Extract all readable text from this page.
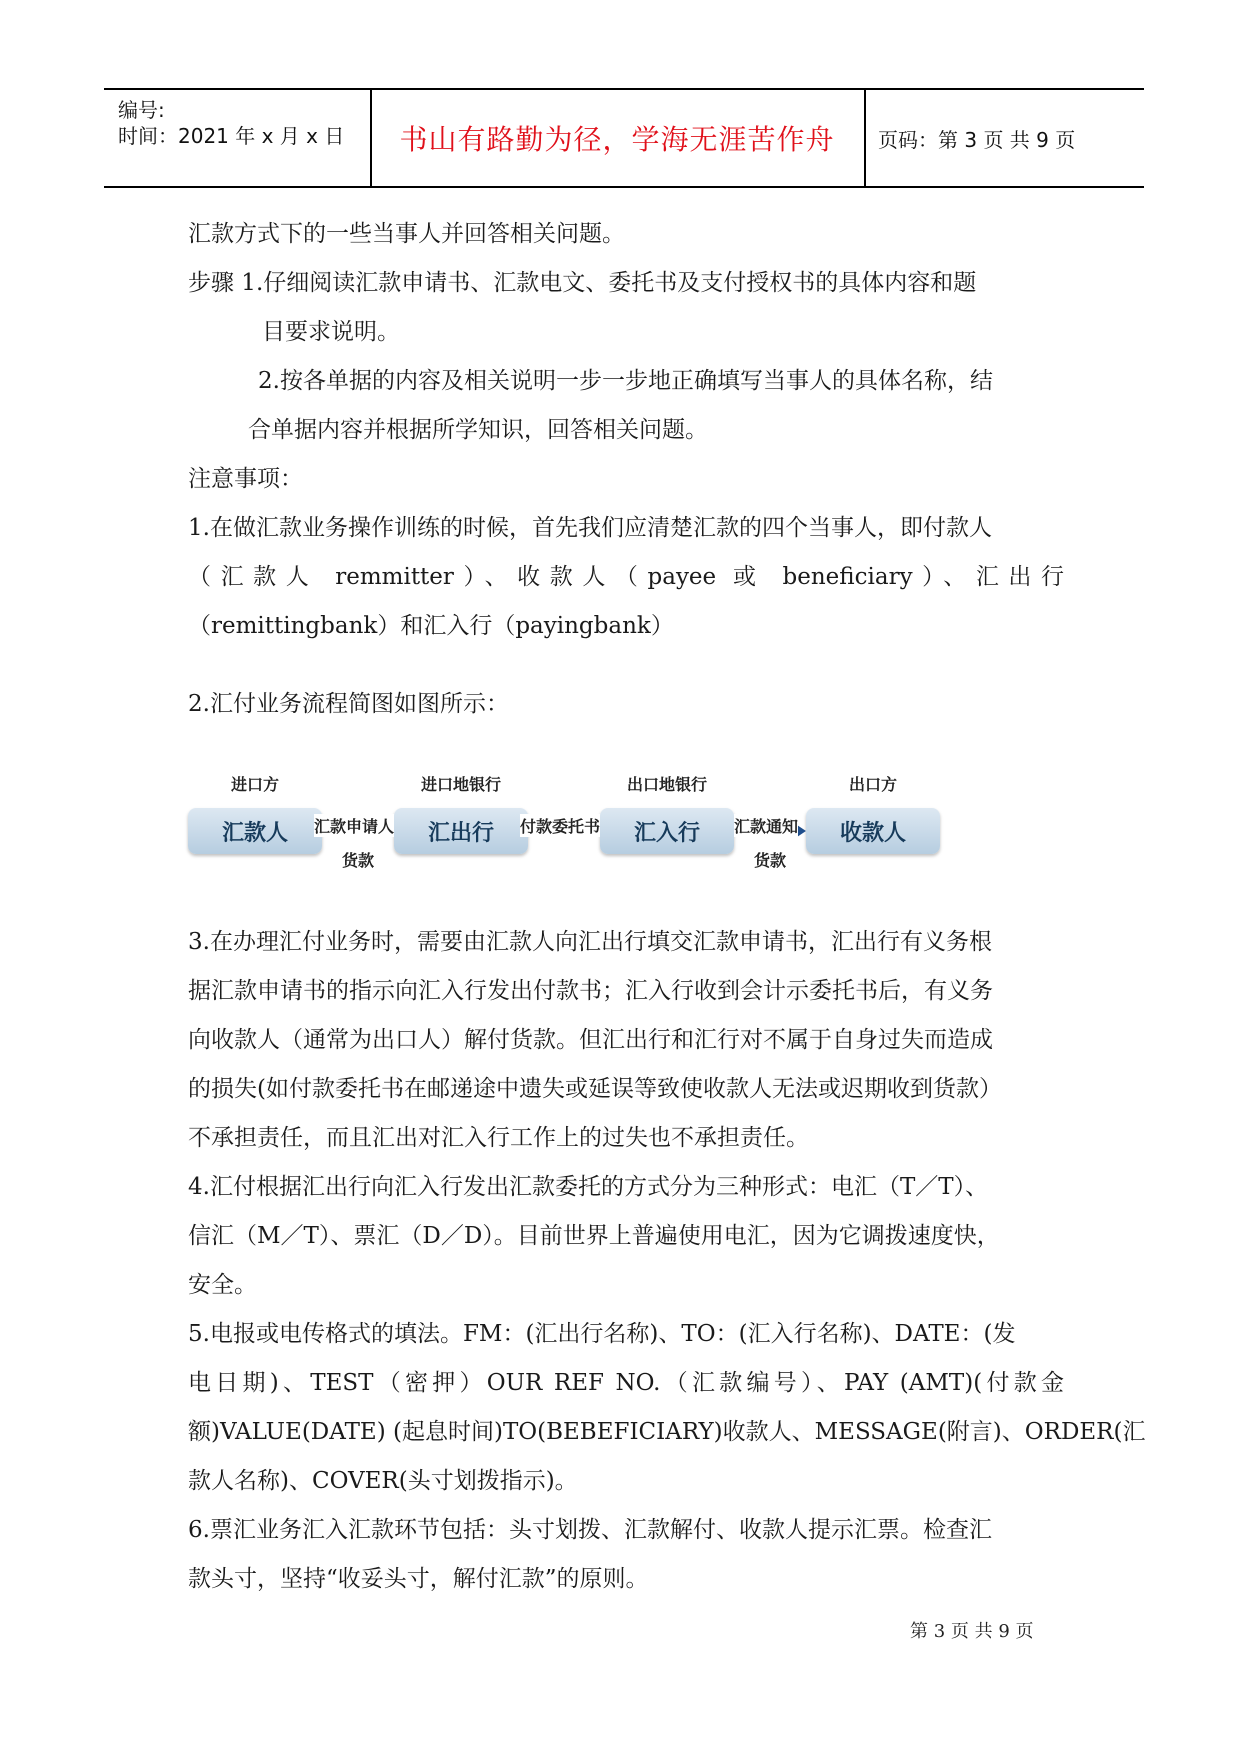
编号:
时间：2021 年 x 月 x 日 书山有路勤为径，学海无涯苦作舟 页码：第 3 页 共 9 页
汇款方式下的一些当事人并回答相关问题。
步骤 1.仔细阅读汇款申请书、汇款电文、委托书及支付授权书的具体内容和题
目要求说明。
2.按各单据的内容及相关说明一步一步地正确填写当事人的具体名称，结
合单据内容并根据所学知识，回答相关问题。
注意事项：
1.在做汇款业务操作训练的时候，首先我们应清楚汇款的四个当事人，即付款人
（汇款人 remmitter）、收款人（payee 或 beneficiary）、汇出行
（remittingbank）和汇入行（payingbank）
2.汇付业务流程简图如图所示：
3.在办理汇付业务时，需要由汇款人向汇出行填交汇款申请书，汇出行有义务根
据汇款申请书的指示向汇入行发出付款书；汇入行收到会计示委托书后，有义务
向收款人（通常为出口人）解付货款。但汇出行和汇行对不属于自身过失而造成
的损失(如付款委托书在邮递途中遗失或延误等致使收款人无法或迟期收到货款）
不承担责任，而且汇出对汇入行工作上的过失也不承担责任。
4.汇付根据汇出行向汇入行发出汇款委托的方式分为三种形式：电汇（T／T）、
信汇（M／T）、票汇（D／D）。目前世界上普遍使用电汇，因为它调拨速度快，
安全。
5.电报或电传格式的填法。FM：(汇出行名称)、TO：(汇入行名称)、DATE：(发
电日期)、TEST（密押）OUR REF NO.（汇款编号）、PAY (AMT)(付款金
额)VALUE(DATE) (起息时间)TO(BEBEFICIARY)收款人、MESSAGE(附言)、ORDER(汇
款人名称)、COVER(头寸划拨指示)。
6.票汇业务汇入汇款环节包括：头寸划拨、汇款解付、收款人提示汇票。检查汇
款头寸，坚持“收妥头寸，解付汇款”的原则。
进口方
汇款人
进口地银行
汇出行
出口地银行
汇入行
出口方
收款人
汇款申请人
货款
付款委托书	汇款通知
货款
第 3 页 共 9 页
